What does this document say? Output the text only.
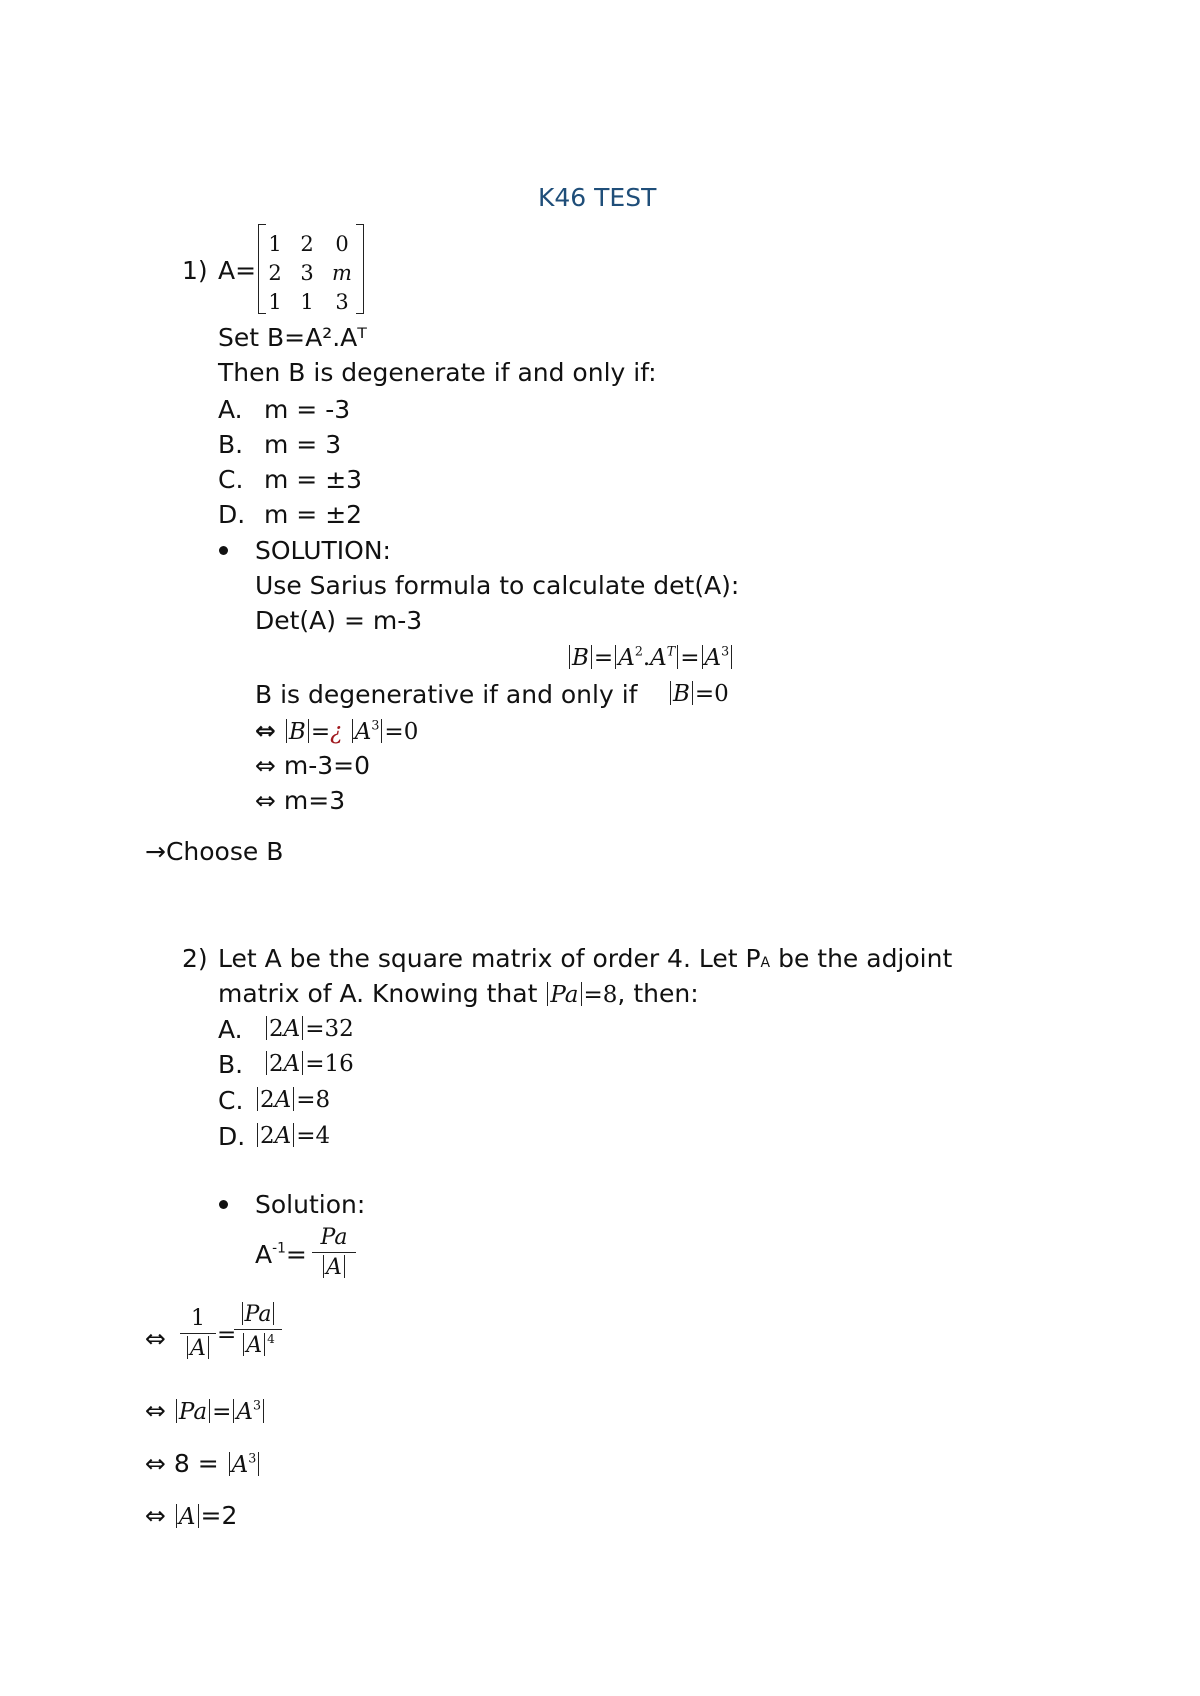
K46 TEST
1) A=
1 2 0
2 3 m
1 1 3
Set B=A².Aᵀ
Then B is degenerate if and only if:
A. m = -3
B. m = 3
C. m = ±3
D. m = ±2
SOLUTION:
Use Sarius formula to calculate det(A):
Det(A) = m-3
$B = A^2.A^T = A^3$
B is degenerative if and only if B =0
⇔ B =¿ $A^3 =0$
⇔ m-3=0
⇔ m=3
→Choose B
2) Let A be the square matrix of order 4. Let PA be the adjoint
matrix of A. Knowing that Pa =8, then:
A. 2A =32
B. 2A =16
C. 2A =8
D. 2A =4
Solution:
$A^{-1}=$
Pa
A
⇔
1
A
=
Pa
A $^4$
⇔ $Pa = A^3$
⇔ $8 = A^3$
⇔ A =2
